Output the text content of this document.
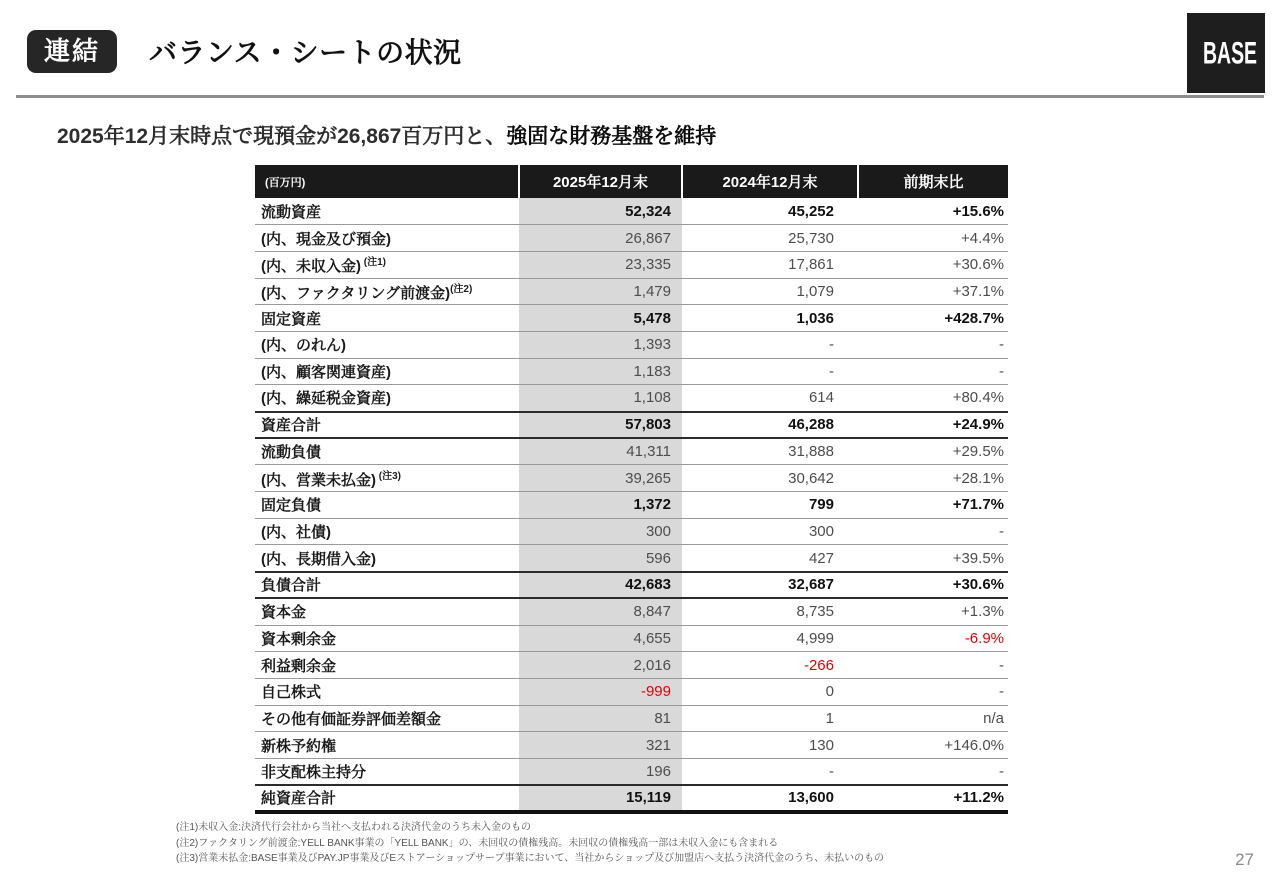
連結	バランス・シートの状況	BASE
2025年12月末時点で現預金が26,867百万円と、強固な財務基盤を維持
(百万円)	2025年12月末	2024年12月末	前期末比
流動資産	52,324	45,252	+15.6%
(内、現金及び預金)	26,867	25,730	+4.4%
(内、未収入金) $^{(注1)}$	23,335	17,861	+30.6%
(内、ファクタリング前渡金)$^{(注2)}$	1,479	1,079	+37.1%
固定資産	5,478	1,036	+428.7%
(内、のれん)	1,393	-	-
(内、顧客関連資産)	1,183	-	-
(内、繰延税金資産)	1,108	614	+80.4%
資産合計	57,803	46,288	+24.9%
流動負債	41,311	31,888	+29.5%
(内、営業未払金) $^{(注3)}$	39,265	30,642	+28.1%
固定負債	1,372	799	+71.7%
(内、社債)	300	300	-
(内、長期借入金)	596	427	+39.5%
負債合計	42,683	32,687	+30.6%
資本金	8,847	8,735	+1.3%
資本剰余金	4,655	4,999	-6.9%
利益剰余金	2,016	-266	-
自己株式	-999	0	-
その他有価証券評価差額金	81	1	n/a
新株予約権	321	130	+146.0%
非支配株主持分	196	-	-
純資産合計	15,119	13,600	+11.2%
(注1)未収入金:決済代行会社から当社へ支払われる決済代金のうち未入金のもの
(注2)ファクタリング前渡金:YELL BANK事業の「YELL BANK」の、未回収の債権残高。未回収の債権残高一部は未収入金にも含まれる
(注3)営業未払金:BASE事業及びPAY.JP事業及びEストアーショップサーブ事業において、当社からショップ及び加盟店へ支払う決済代金のうち、未払いのもの	27
